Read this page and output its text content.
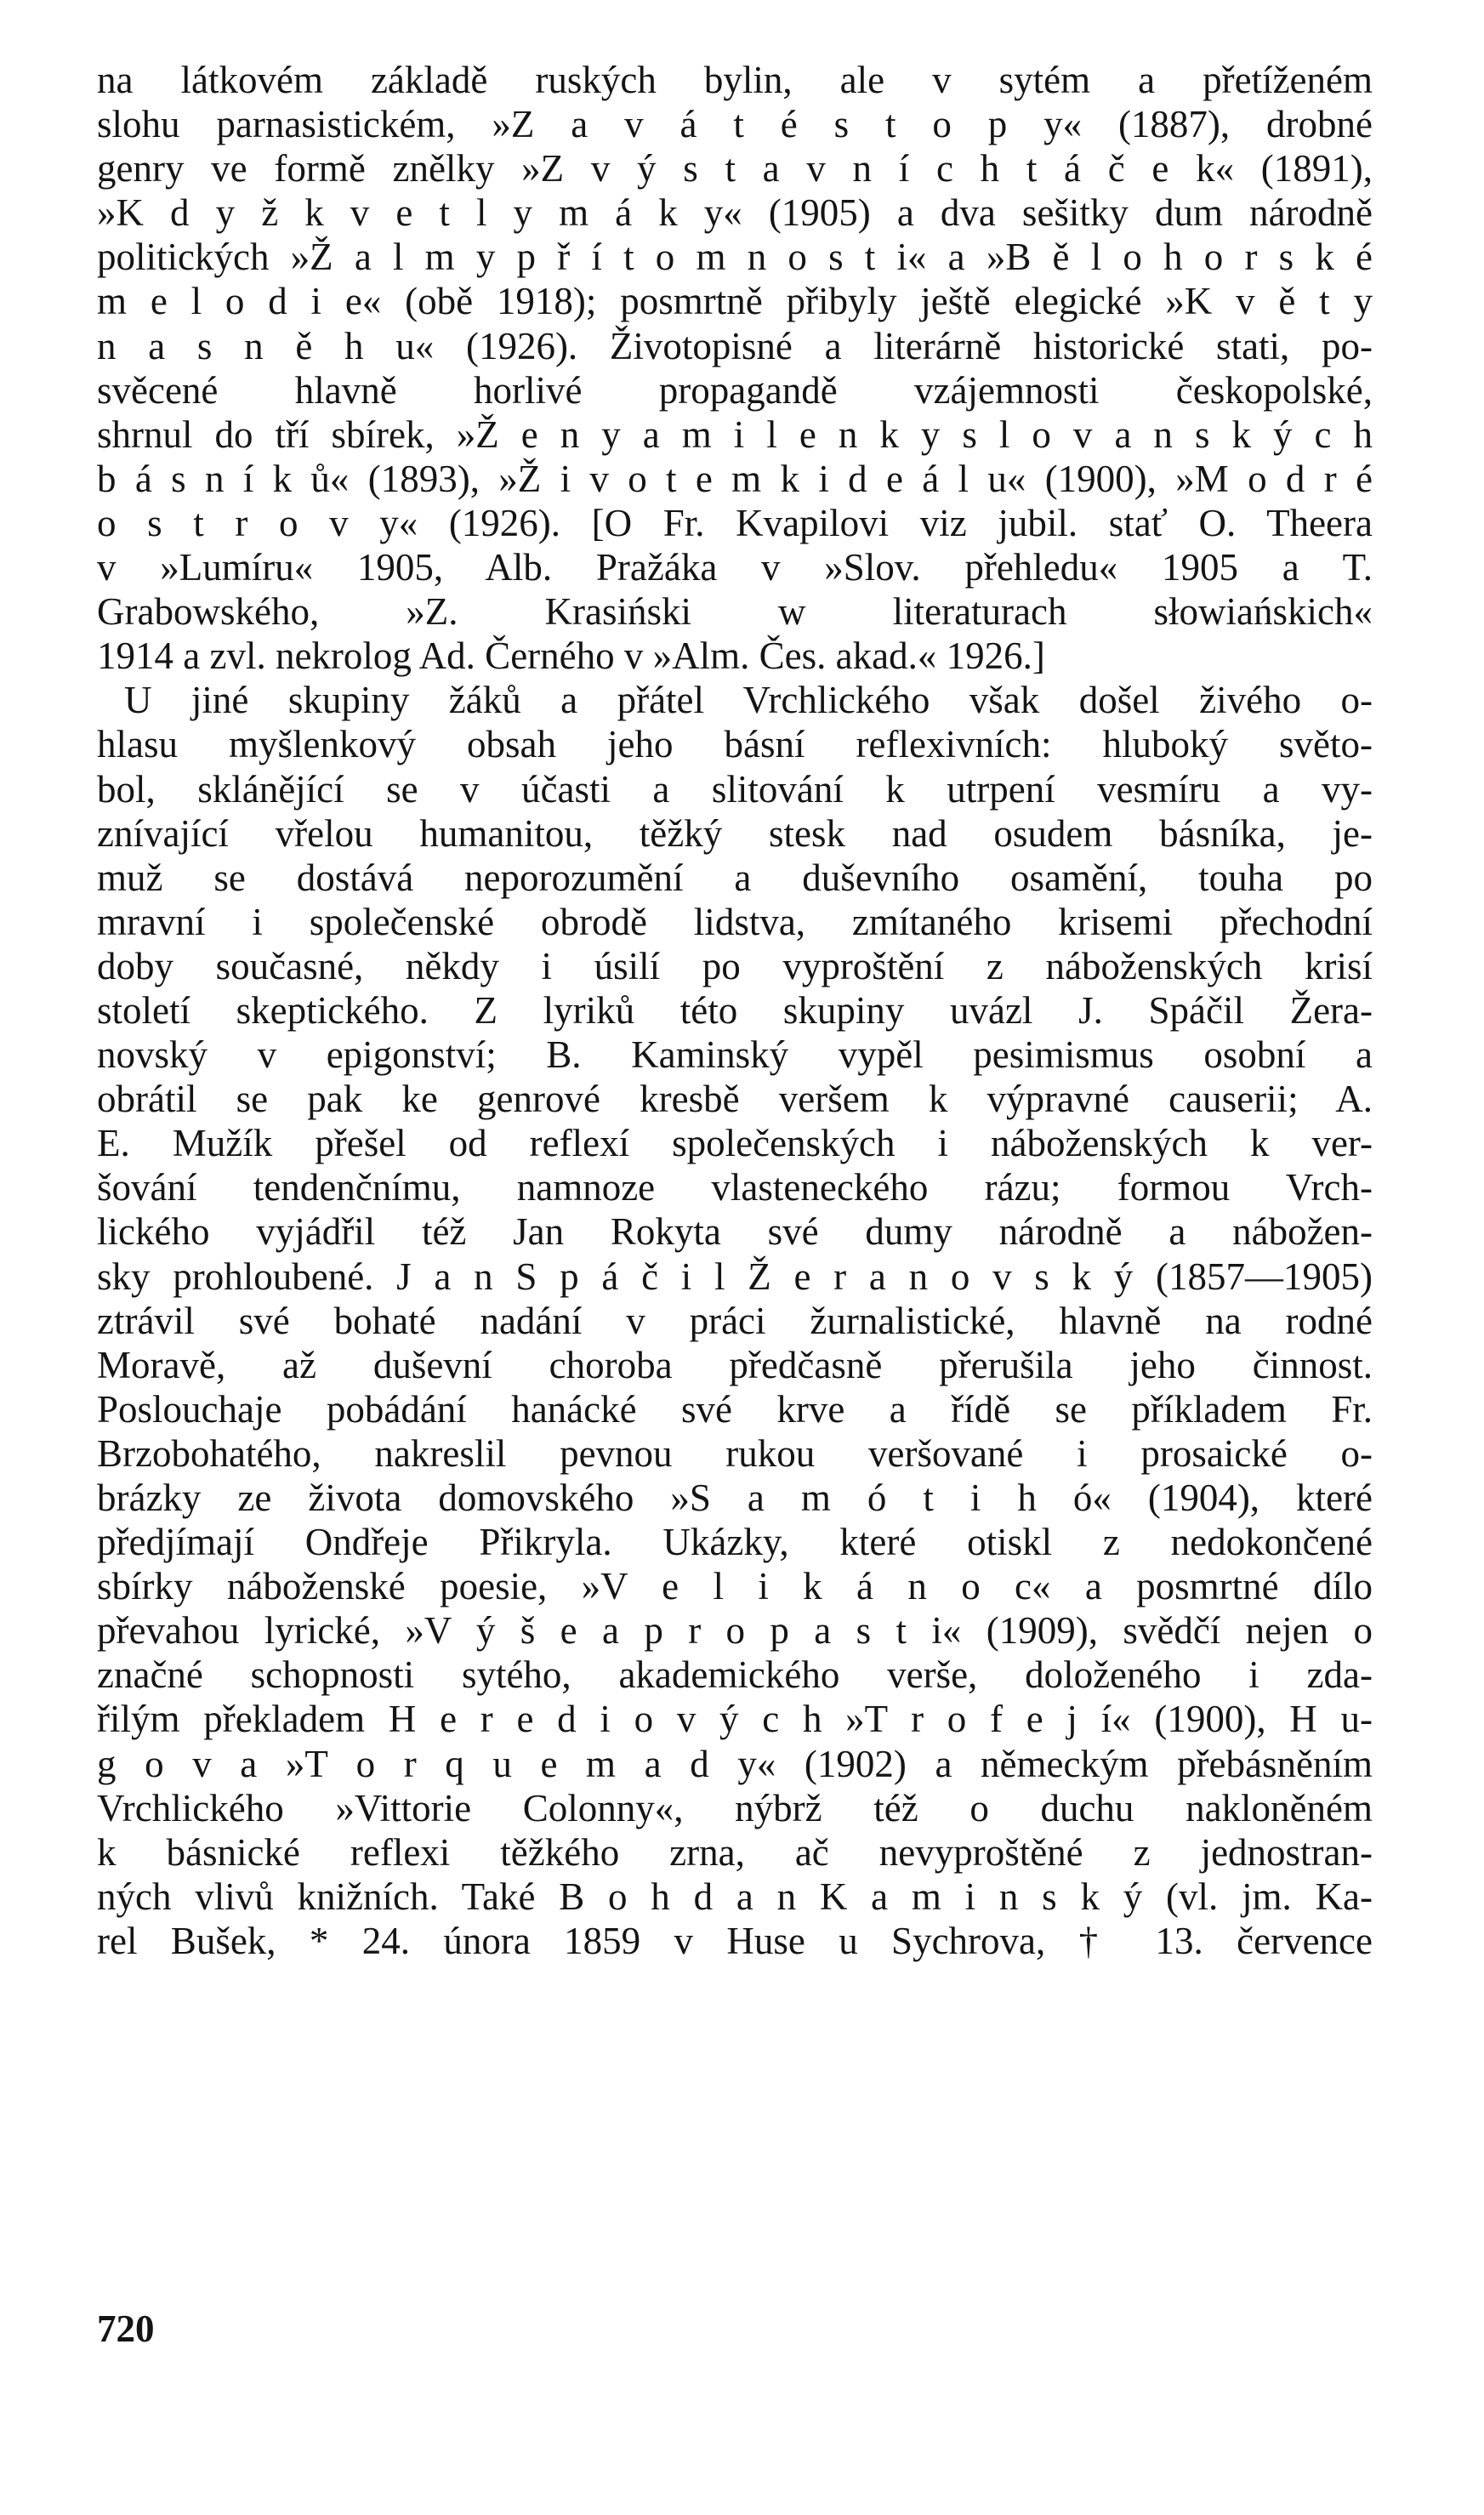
na látkovém základě ruských bylin, ale v sytém a přetíženém
slohu parnasistickém, »Z a v á t é s t o p y« (1887), drobné
genry ve formě znělky »Z v ý s t a v n í c h t á č e k« (1891),
»K d y ž k v e t l y m á k y« (1905) a dva sešitky dum národně
politických »Ž a l m y p ř í t o m n o s t i« a »B ě l o h o r s k é
m e l o d i e« (obě 1918); posmrtně přibyly ještě elegické »K v ě t y
n a s n ě h u« (1926). Životopisné a literárně historické stati, po-
svěcené hlavně horlivé propagandě vzájemnosti českopolské,
shrnul do tří sbírek, »Ž e n y a m i l e n k y s l o v a n s k ý c h
b á s n í k ů« (1893), »Ž i v o t e m k i d e á l u« (1900), »M o d r é
o s t r o v y« (1926). [O Fr. Kvapilovi viz jubil. stať O. Theera
v »Lumíru« 1905, Alb. Pražáka v »Slov. přehledu« 1905 a T.
Grabowského, »Z. Krasiński w literaturach słowiańskich«
1914 a zvl. nekrolog Ad. Černého v »Alm. Čes. akad.« 1926.]
U jiné skupiny žáků a přátel Vrchlického však došel živého o-
hlasu myšlenkový obsah jeho básní reflexivních: hluboký světo-
bol, sklánějící se v účasti a slitování k utrpení vesmíru a vy-
znívající vřelou humanitou, těžký stesk nad osudem básníka, je-
muž se dostává neporozumění a duševního osamění, touha po
mravní i společenské obrodě lidstva, zmítaného krisemi přechodní
doby současné, někdy i úsilí po vyproštění z náboženských krisí
století skeptického. Z lyriků této skupiny uvázl J. Spáčil Žera-
novský v epigonství; B. Kaminský vypěl pesimismus osobní a
obrátil se pak ke genrové kresbě veršem k výpravné causerii; A.
E. Mužík přešel od reflexí společenských i náboženských k ver-
šování tendenčnímu, namnoze vlasteneckého rázu; formou Vrch-
lického vyjádřil též Jan Rokyta své dumy národně a nábožen-
sky prohloubené. J a n S p á č i l Ž e r a n o v s k ý (1857—1905)
ztrávil své bohaté nadání v práci žurnalistické, hlavně na rodné
Moravě, až duševní choroba předčasně přerušila jeho činnost.
Poslouchaje pobádání hanácké své krve a řídě se příkladem Fr.
Brzobohatého, nakreslil pevnou rukou veršované i prosaické o-
brázky ze života domovského »S a m ó t i h ó« (1904), které
předjímají Ondřeje Přikryla. Ukázky, které otiskl z nedokončené
sbírky náboženské poesie, »V e l i k á n o c« a posmrtné dílo
převahou lyrické, »V ý š e a p r o p a s t i« (1909), svědčí nejen o
značné schopnosti sytého, akademického verše, doloženého i zda-
řilým překladem H e r e d i o v ý c h »T r o f e j í« (1900), H u-
g o v a »T o r q u e m a d y« (1902) a německým přebásněním
Vrchlického »Vittorie Colonny«, nýbrž též o duchu nakloněném
k básnické reflexi těžkého zrna, ač nevyproštěné z jednostran-
ných vlivů knižních. Také B o h d a n K a m i n s k ý (vl. jm. Ka-
rel Bušek, * 24. února 1859 v Huse u Sychrova, † 13. července
720
